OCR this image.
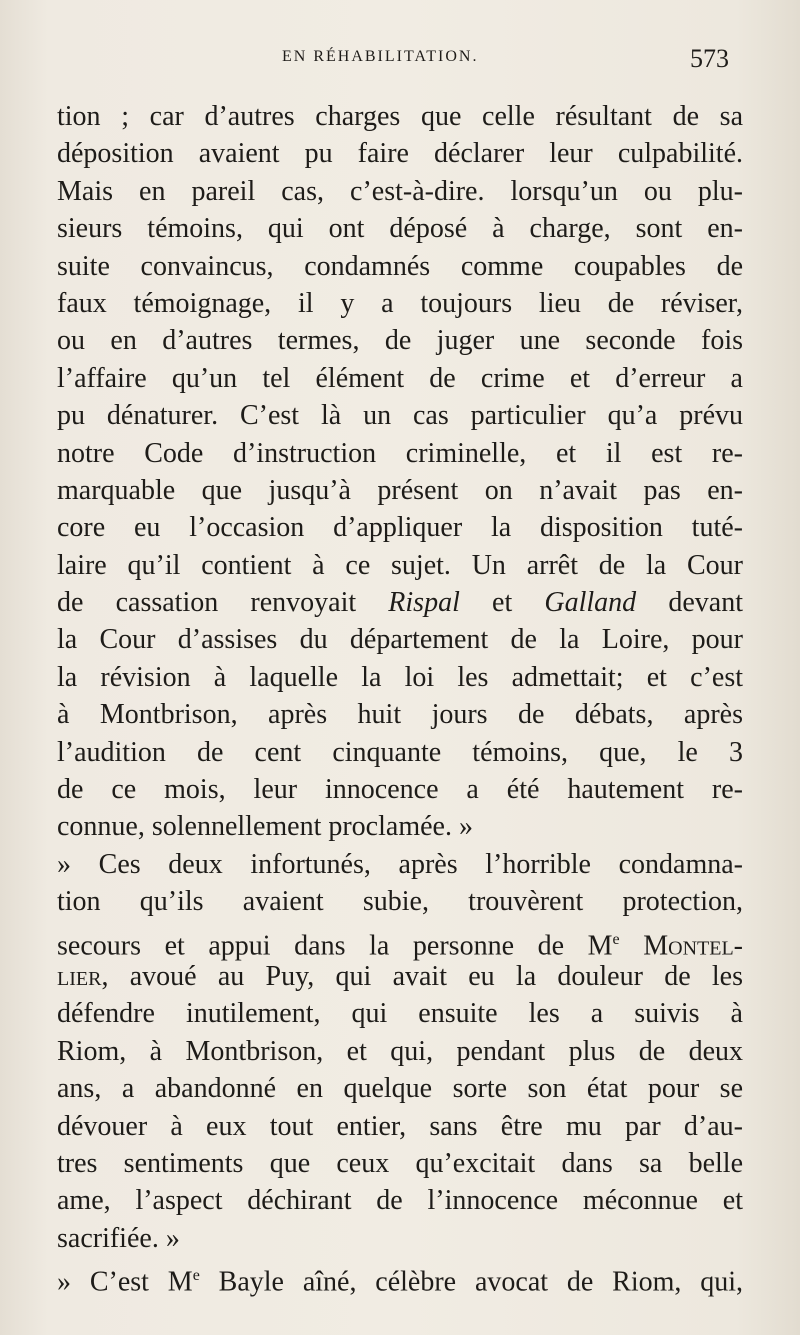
EN RÉHABILITATION.	573
tion ; car d’autres charges que celle résultant de sa
déposition avaient pu faire déclarer leur culpabilité.
Mais en pareil cas, c’est-à-dire. lorsqu’un ou plu-
sieurs témoins, qui ont déposé à charge, sont en-
suite convaincus, condamnés comme coupables de
faux témoignage, il y a toujours lieu de réviser,
ou en d’autres termes, de juger une seconde fois
l’affaire qu’un tel élément de crime et d’erreur a
pu dénaturer. C’est là un cas particulier qu’a prévu
notre Code d’instruction criminelle, et il est re-
marquable que jusqu’à présent on n’avait pas en-
core eu l’occasion d’appliquer la disposition tuté-
laire qu’il contient à ce sujet. Un arrêt de la Cour
de cassation renvoyait Rispal et Galland devant
la Cour d’assises du département de la Loire, pour
la révision à laquelle la loi les admettait; et c’est
à Montbrison, après huit jours de débats, après
l’audition de cent cinquante témoins, que, le 3
de ce mois, leur innocence a été hautement re-
connue, solennellement proclamée. »
» Ces deux infortunés, après l’horrible condamna-
tion qu’ils avaient subie, trouvèrent protection,
secours et appui dans la personne de Me Montel-
lier, avoué au Puy, qui avait eu la douleur de les
défendre inutilement, qui ensuite les a suivis à
Riom, à Montbrison, et qui, pendant plus de deux
ans, a abandonné en quelque sorte son état pour se
dévouer à eux tout entier, sans être mu par d’au-
tres sentiments que ceux qu’excitait dans sa belle
ame, l’aspect déchirant de l’innocence méconnue et
sacrifiée. »
» C’est Me Bayle aîné, célèbre avocat de Riom, qui,
